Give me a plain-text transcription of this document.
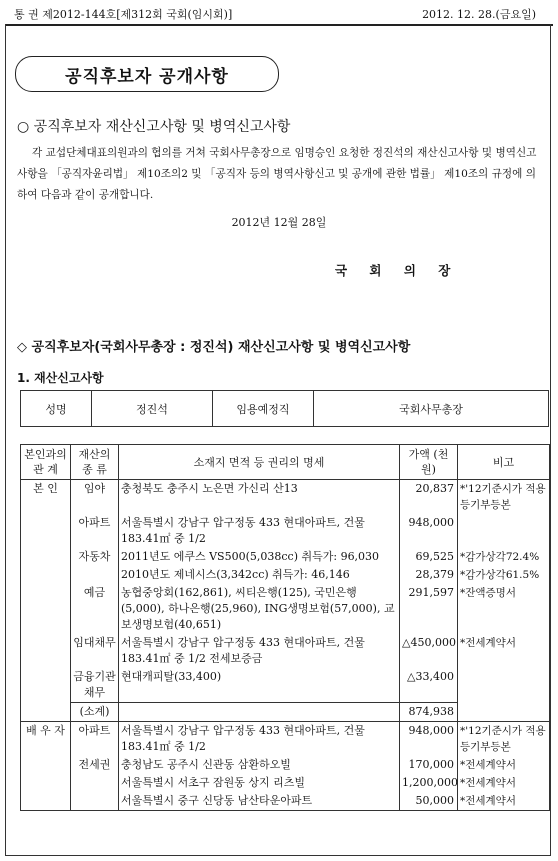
통 권 제2012-144호[제312회 국회(임시회)]	2012. 12. 28.(금요일)
공직후보자 공개사항
○ 공직후보자 재산신고사항 및 병역신고사항
각 교섭단체대표의원과의 협의를 거쳐 국회사무총장으로 임명승인 요청한 정진석의 재산신고사항 및 병역신고사항을 「공직자윤리법」 제10조의2 및 「공직자 등의 병역사항신고 및 공개에 관한 법률」 제10조의 규정에 의하여 다음과 같이 공개합니다.
2012년 12월 28일
국 회 의 장
◇ 공직후보자(국회사무총장 : 정진석) 재산신고사항 및 병역신고사항
1. 재산신고사항
성명	정진석	임용예정직	국회사무총장
본인과의 관 계	재산의 종 류	소재지 면적 등 권리의 명세	가액 (천원)	비고
본 인	임야	충청북도 충주시 노은면 가신리 산13	20,837	*'12기준시가 적용 등기부등본
	아파트	서울특별시 강남구 압구정동 433 현대아파트, 건물 183.41㎡ 중 1/2	948,000	
	자동차	2011년도 에쿠스 VS500(5,038cc) 취득가: 96,030	69,525	*감가상각72.4%
		2010년도 제네시스(3,342cc) 취득가: 46,146	28,379	*감가상각61.5%
	예금	농협중앙회(162,861), 씨티은행(125), 국민은행(5,000), 하나은행(25,960), ING생명보험(57,000), 교보생명보험(40,651)	291,597	*잔액증명서
	임대채무	서울특별시 강남구 압구정동 433 현대아파트, 건물 183.41㎡ 중 1/2 전세보증금	△450,000	*전세계약서
	금융기관 채무	현대캐피탈(33,400)	△33,400	
	(소계)		874,938	
배 우 자	아파트	서울특별시 강남구 압구정동 433 현대아파트, 건물 183.41㎡ 중 1/2	948,000	*'12기준시가 적용 등기부등본
	전세권	충청남도 공주시 신관동 삼환하오빌	170,000	*전세계약서
		서울특별시 서초구 잠원동 상지 리츠빌	1,200,000	*전세계약서
		서울특별시 중구 신당동 남산타운아파트	50,000	*전세계약서
